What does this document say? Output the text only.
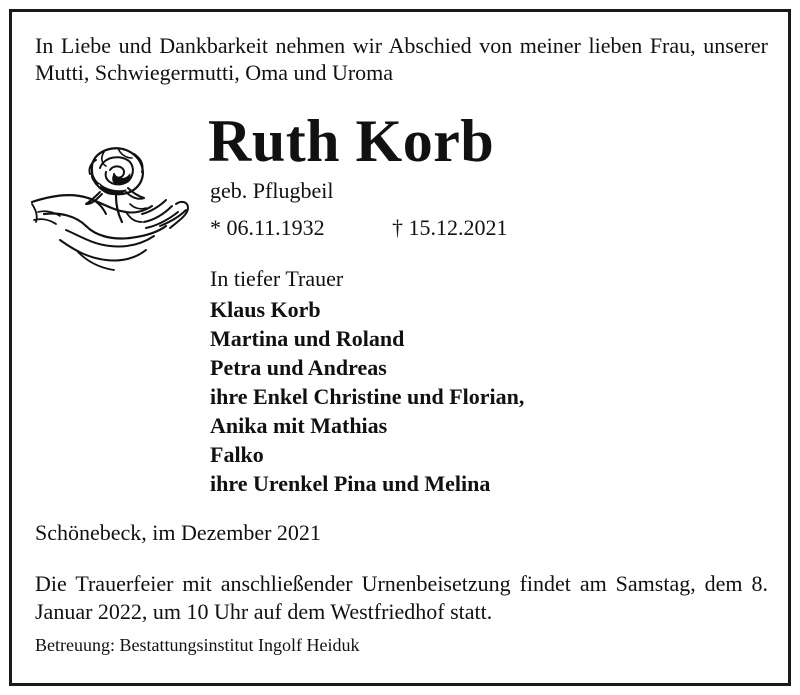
In Liebe und Dankbarkeit nehmen wir Abschied von meiner lieben Frau, unserer Mutti, Schwiegermutti, Oma und Uroma
Ruth Korb
geb. Pflugbeil
* 06.11.1932	† 15.12.2021
In tiefer Trauer
Klaus Korb
Martina und Roland
Petra und Andreas
ihre Enkel Christine und Florian,
Anika mit Mathias
Falko
ihre Urenkel Pina und Melina
Schönebeck, im Dezember 2021
Die Trauerfeier mit anschließender Urnenbeisetzung findet am Samstag, dem 8. Januar 2022, um 10 Uhr auf dem Westfriedhof statt.
Betreuung: Bestattungsinstitut Ingolf Heiduk
